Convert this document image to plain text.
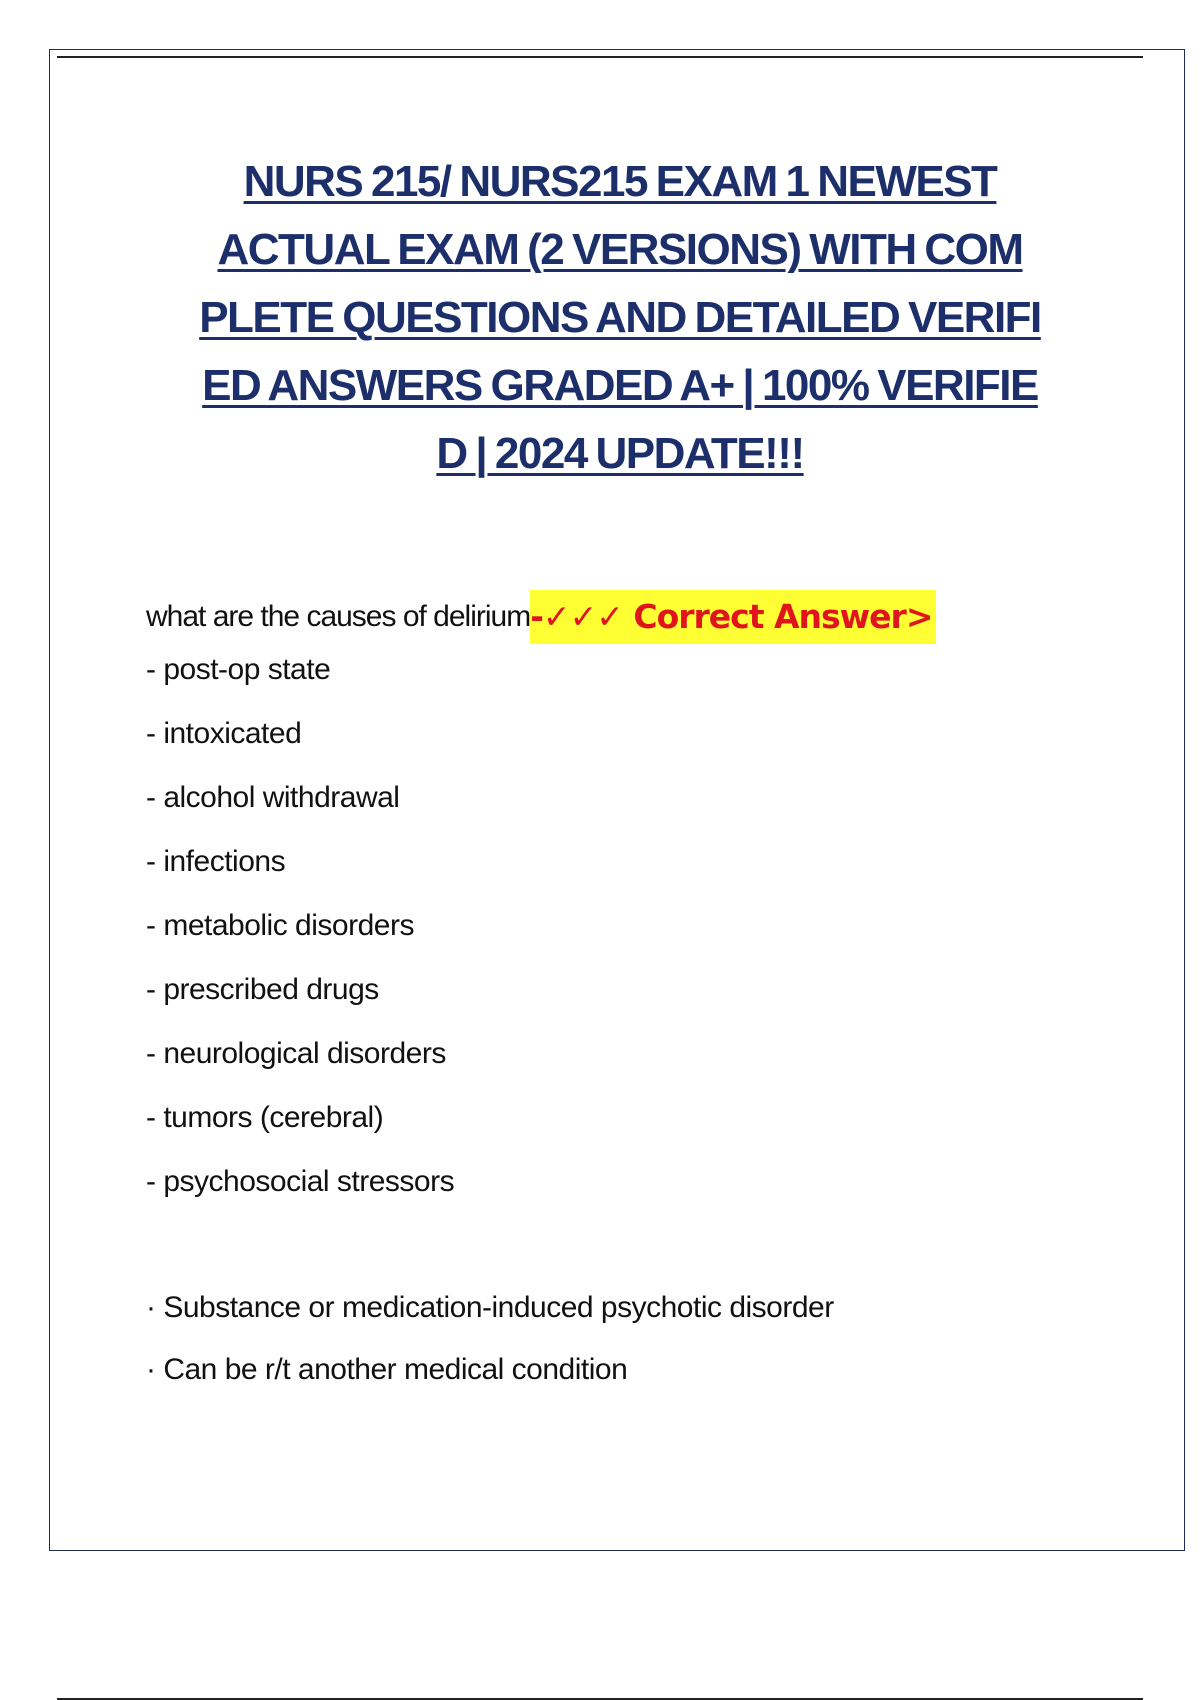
NURS 215/ NURS215 EXAM 1 NEWEST
ACTUAL EXAM (2 VERSIONS) WITH COM
PLETE QUESTIONS AND DETAILED VERIFI
ED ANSWERS GRADED A+ | 100% VERIFIE
D | 2024 UPDATE!!!
what are the causes of delirium -✓✓✓ Correct Answer>
- post-op state
- intoxicated
- alcohol withdrawal
- infections
- metabolic disorders
- prescribed drugs
- neurological disorders
- tumors (cerebral)
- psychosocial stressors
· Substance or medication-induced psychotic disorder
· Can be r/t another medical condition
